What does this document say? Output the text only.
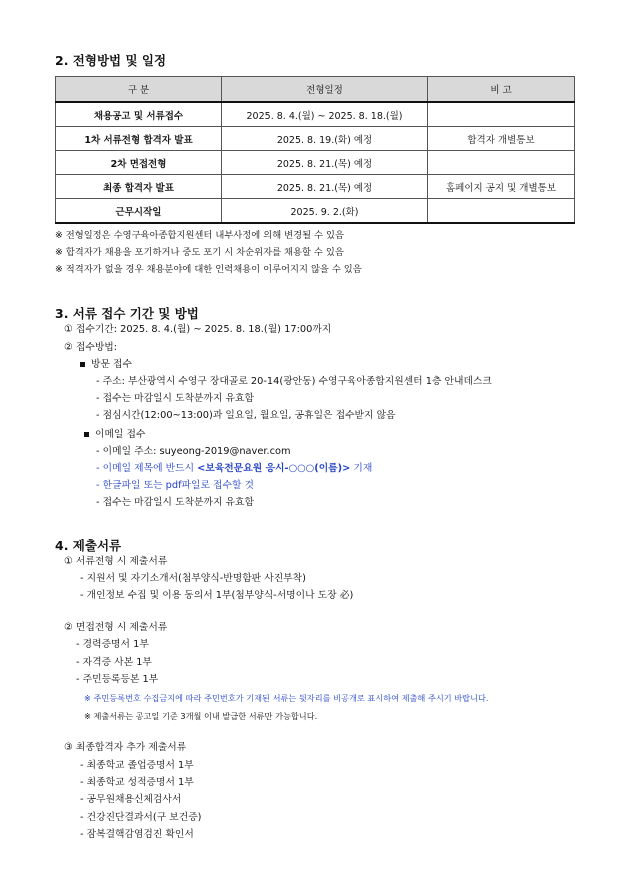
2. 전형방법 및 일정
구 분	전형일정	비 고
채용공고 및 서류접수	2025. 8. 4.(월) ~ 2025. 8. 18.(월)	
1차 서류전형 합격자 발표	2025. 8. 19.(화) 예정	합격자 개별통보
2차 면접전형	2025. 8. 21.(목) 예정	
최종 합격자 발표	2025. 8. 21.(목) 예정	홈페이지 공지 및 개별통보
근무시작일	2025. 9. 2.(화)	
※ 전형일정은 수영구육아종합지원센터 내부사정에 의해 변경될 수 있음
※ 합격자가 채용을 포기하거나 중도 포기 시 차순위자를 채용할 수 있음
※ 적격자가 없을 경우 채용분야에 대한 인력채용이 이루어지지 않을 수 있음
3. 서류 접수 기간 및 방법
① 접수기간: 2025. 8. 4.(월) ~ 2025. 8. 18.(월) 17:00까지
② 접수방법:
방문 접수
- 주소: 부산광역시 수영구 장대골로 20-14(광안동) 수영구육아종합지원센터 1층 안내데스크
- 접수는 마감일시 도착분까지 유효함
- 점심시간(12:00~13:00)과 일요일, 월요일, 공휴일은 접수받지 않음
이메일 접수
- 이메일 주소: suyeong-2019@naver.com
- 이메일 제목에 반드시 <보육전문요원 응시-○○○(이름)> 기재
- 한글파일 또는 pdf파일로 접수할 것
- 접수는 마감일시 도착분까지 유효함
4. 제출서류
① 서류전형 시 제출서류
- 지원서 및 자기소개서(첨부양식-반명함판 사진부착)
- 개인정보 수집 및 이용 동의서 1부(첨부양식-서명이나 도장 必)
② 면접전형 시 제출서류
- 경력증명서 1부
- 자격증 사본 1부
- 주민등록등본 1부
※ 주민등록번호 수집금지에 따라 주민번호가 기재된 서류는 뒷자리를 비공개로 표시하여 제출해 주시기 바랍니다.
※ 제출서류는 공고일 기준 3개월 이내 발급한 서류만 가능합니다.
③ 최종합격자 추가 제출서류
- 최종학교 졸업증명서 1부
- 최종학교 성적증명서 1부
- 공무원채용신체검사서
- 건강진단결과서(구 보건증)
- 잠복결핵감염검진 확인서
